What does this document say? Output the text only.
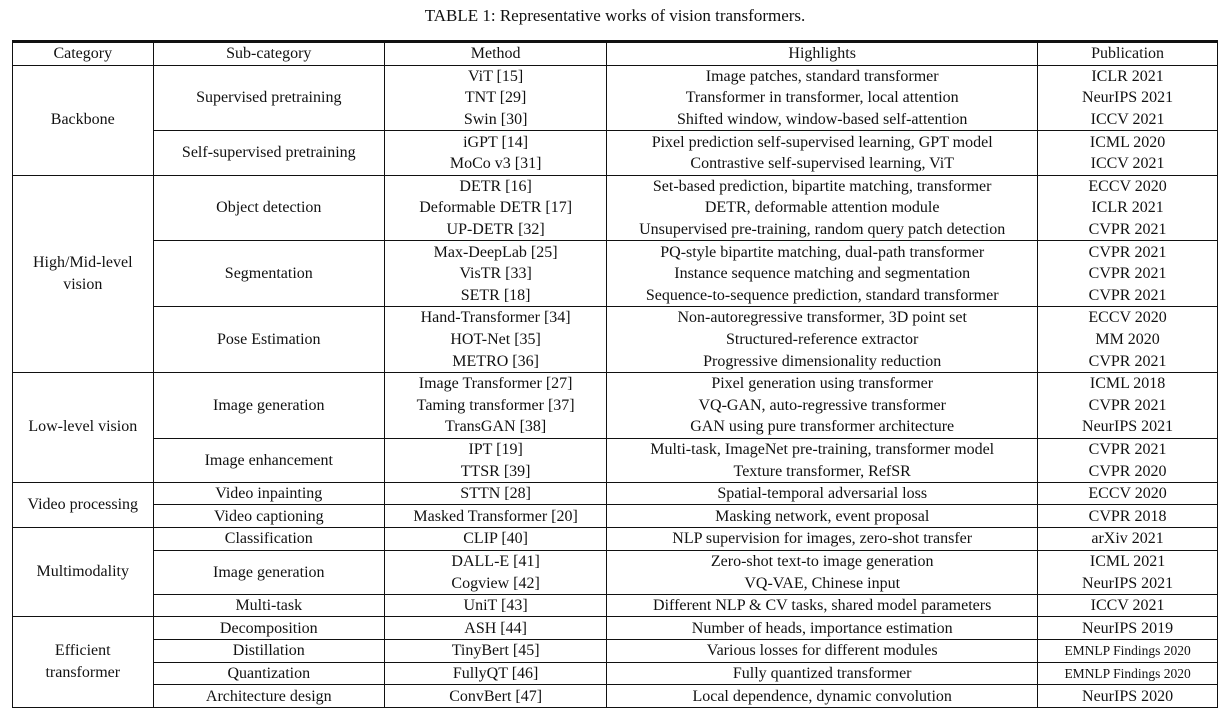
TABLE 1: Representative works of vision transformers.
Category	Sub-category	Method	Highlights	Publication
Backbone	Supervised pretraining	ViT [15]	Image patches, standard transformer	ICLR 2021
		TNT [29]	Transformer in transformer, local attention	NeurIPS 2021
		Swin [30]	Shifted window, window-based self-attention	ICCV 2021
	Self-supervised pretraining	iGPT [14]	Pixel prediction self-supervised learning, GPT model	ICML 2020
		MoCo v3 [31]	Contrastive self-supervised learning, ViT	ICCV 2021
High/Mid-level vision	Object detection	DETR [16]	Set-based prediction, bipartite matching, transformer	ECCV 2020
		Deformable DETR [17]	DETR, deformable attention module	ICLR 2021
		UP-DETR [32]	Unsupervised pre-training, random query patch detection	CVPR 2021
	Segmentation	Max-DeepLab [25]	PQ-style bipartite matching, dual-path transformer	CVPR 2021
		VisTR [33]	Instance sequence matching and segmentation	CVPR 2021
		SETR [18]	Sequence-to-sequence prediction, standard transformer	CVPR 2021
	Pose Estimation	Hand-Transformer [34]	Non-autoregressive transformer, 3D point set	ECCV 2020
		HOT-Net [35]	Structured-reference extractor	MM 2020
		METRO [36]	Progressive dimensionality reduction	CVPR 2021
Low-level vision	Image generation	Image Transformer [27]	Pixel generation using transformer	ICML 2018
		Taming transformer [37]	VQ-GAN, auto-regressive transformer	CVPR 2021
		TransGAN [38]	GAN using pure transformer architecture	NeurIPS 2021
	Image enhancement	IPT [19]	Multi-task, ImageNet pre-training, transformer model	CVPR 2021
		TTSR [39]	Texture transformer, RefSR	CVPR 2020
Video processing	Video inpainting	STTN [28]	Spatial-temporal adversarial loss	ECCV 2020
	Video captioning	Masked Transformer [20]	Masking network, event proposal	CVPR 2018
Multimodality	Classification	CLIP [40]	NLP supervision for images, zero-shot transfer	arXiv 2021
	Image generation	DALL-E [41]	Zero-shot text-to image generation	ICML 2021
		Cogview [42]	VQ-VAE, Chinese input	NeurIPS 2021
	Multi-task	UniT [43]	Different NLP & CV tasks, shared model parameters	ICCV 2021
Efficient transformer	Decomposition	ASH [44]	Number of heads, importance estimation	NeurIPS 2019
	Distillation	TinyBert [45]	Various losses for different modules	EMNLP Findings 2020
	Quantization	FullyQT [46]	Fully quantized transformer	EMNLP Findings 2020
	Architecture design	ConvBert [47]	Local dependence, dynamic convolution	NeurIPS 2020
